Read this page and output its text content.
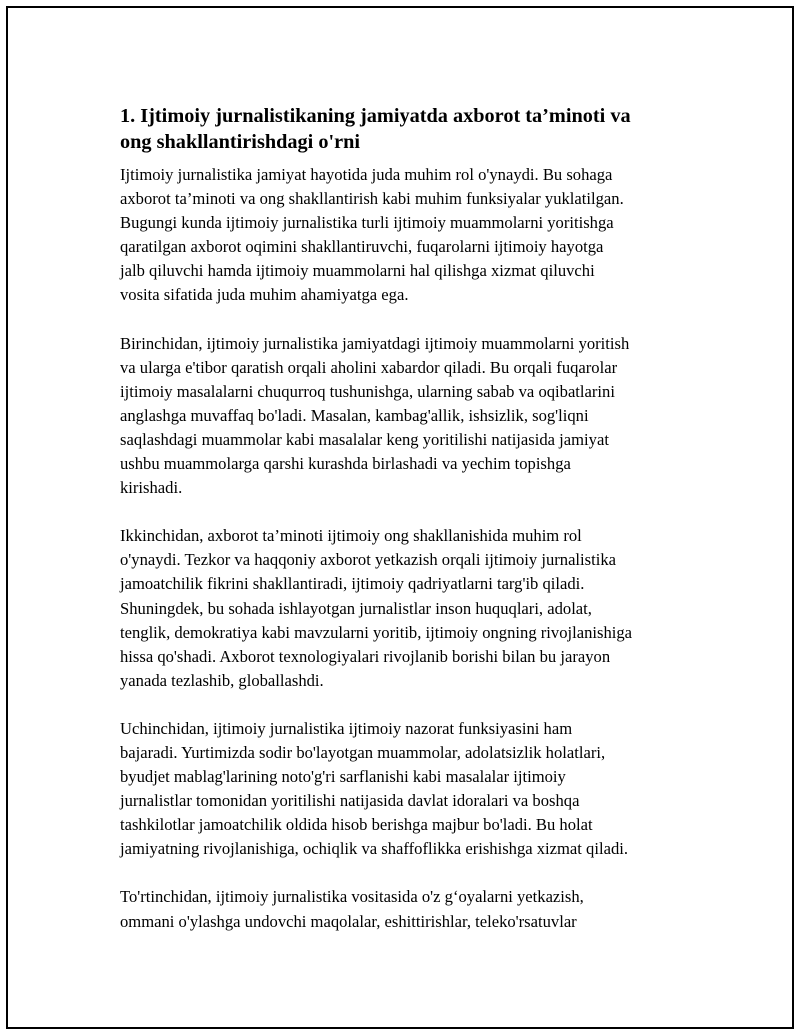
1. Ijtimoiy jurnalistikaning jamiyatda axborot ta’minoti va
ong shakllantirishdagi o'rni

Ijtimoiy jurnalistika jamiyat hayotida juda muhim rol o'ynaydi. Bu sohaga
axborot ta’minoti va ong shakllantirish kabi muhim funksiyalar yuklatilgan.
Bugungi kunda ijtimoiy jurnalistika turli ijtimoiy muammolarni yoritishga
qaratilgan axborot oqimini shakllantiruvchi, fuqarolarni ijtimoiy hayotga
jalb qiluvchi hamda ijtimoiy muammolarni hal qilishga xizmat qiluvchi
vosita sifatida juda muhim ahamiyatga ega.

Birinchidan, ijtimoiy jurnalistika jamiyatdagi ijtimoiy muammolarni yoritish
va ularga e'tibor qaratish orqali aholini xabardor qiladi. Bu orqali fuqarolar
ijtimoiy masalalarni chuqurroq tushunishga, ularning sabab va oqibatlarini
anglashga muvaffaq bo'ladi. Masalan, kambag'allik, ishsizlik, sog'liqni
saqlashdagi muammolar kabi masalalar keng yoritilishi natijasida jamiyat
ushbu muammolarga qarshi kurashda birlashadi va yechim topishga
kirishadi.

Ikkinchidan, axborot ta’minoti ijtimoiy ong shakllanishida muhim rol
o'ynaydi. Tezkor va haqqoniy axborot yetkazish orqali ijtimoiy jurnalistika
jamoatchilik fikrini shakllantiradi, ijtimoiy qadriyatlarni targ'ib qiladi.
Shuningdek, bu sohada ishlayotgan jurnalistlar inson huquqlari, adolat,
tenglik, demokratiya kabi mavzularni yoritib, ijtimoiy ongning rivojlanishiga
hissa qo'shadi. Axborot texnologiyalari rivojlanib borishi bilan bu jarayon
yanada tezlashib, globallashdi.

Uchinchidan, ijtimoiy jurnalistika ijtimoiy nazorat funksiyasini ham
bajaradi. Yurtimizda sodir bo'layotgan muammolar, adolatsizlik holatlari,
byudjet mablag'larining noto'g'ri sarflanishi kabi masalalar ijtimoiy
jurnalistlar tomonidan yoritilishi natijasida davlat idoralari va boshqa
tashkilotlar jamoatchilik oldida hisob berishga majbur bo'ladi. Bu holat
jamiyatning rivojlanishiga, ochiqlik va shaffoflikka erishishga xizmat qiladi.

To'rtinchidan, ijtimoiy jurnalistika vositasida o'z g‘oyalarni yetkazish,
ommani o'ylashga undovchi maqolalar, eshittirishlar, teleko'rsatuvlar
